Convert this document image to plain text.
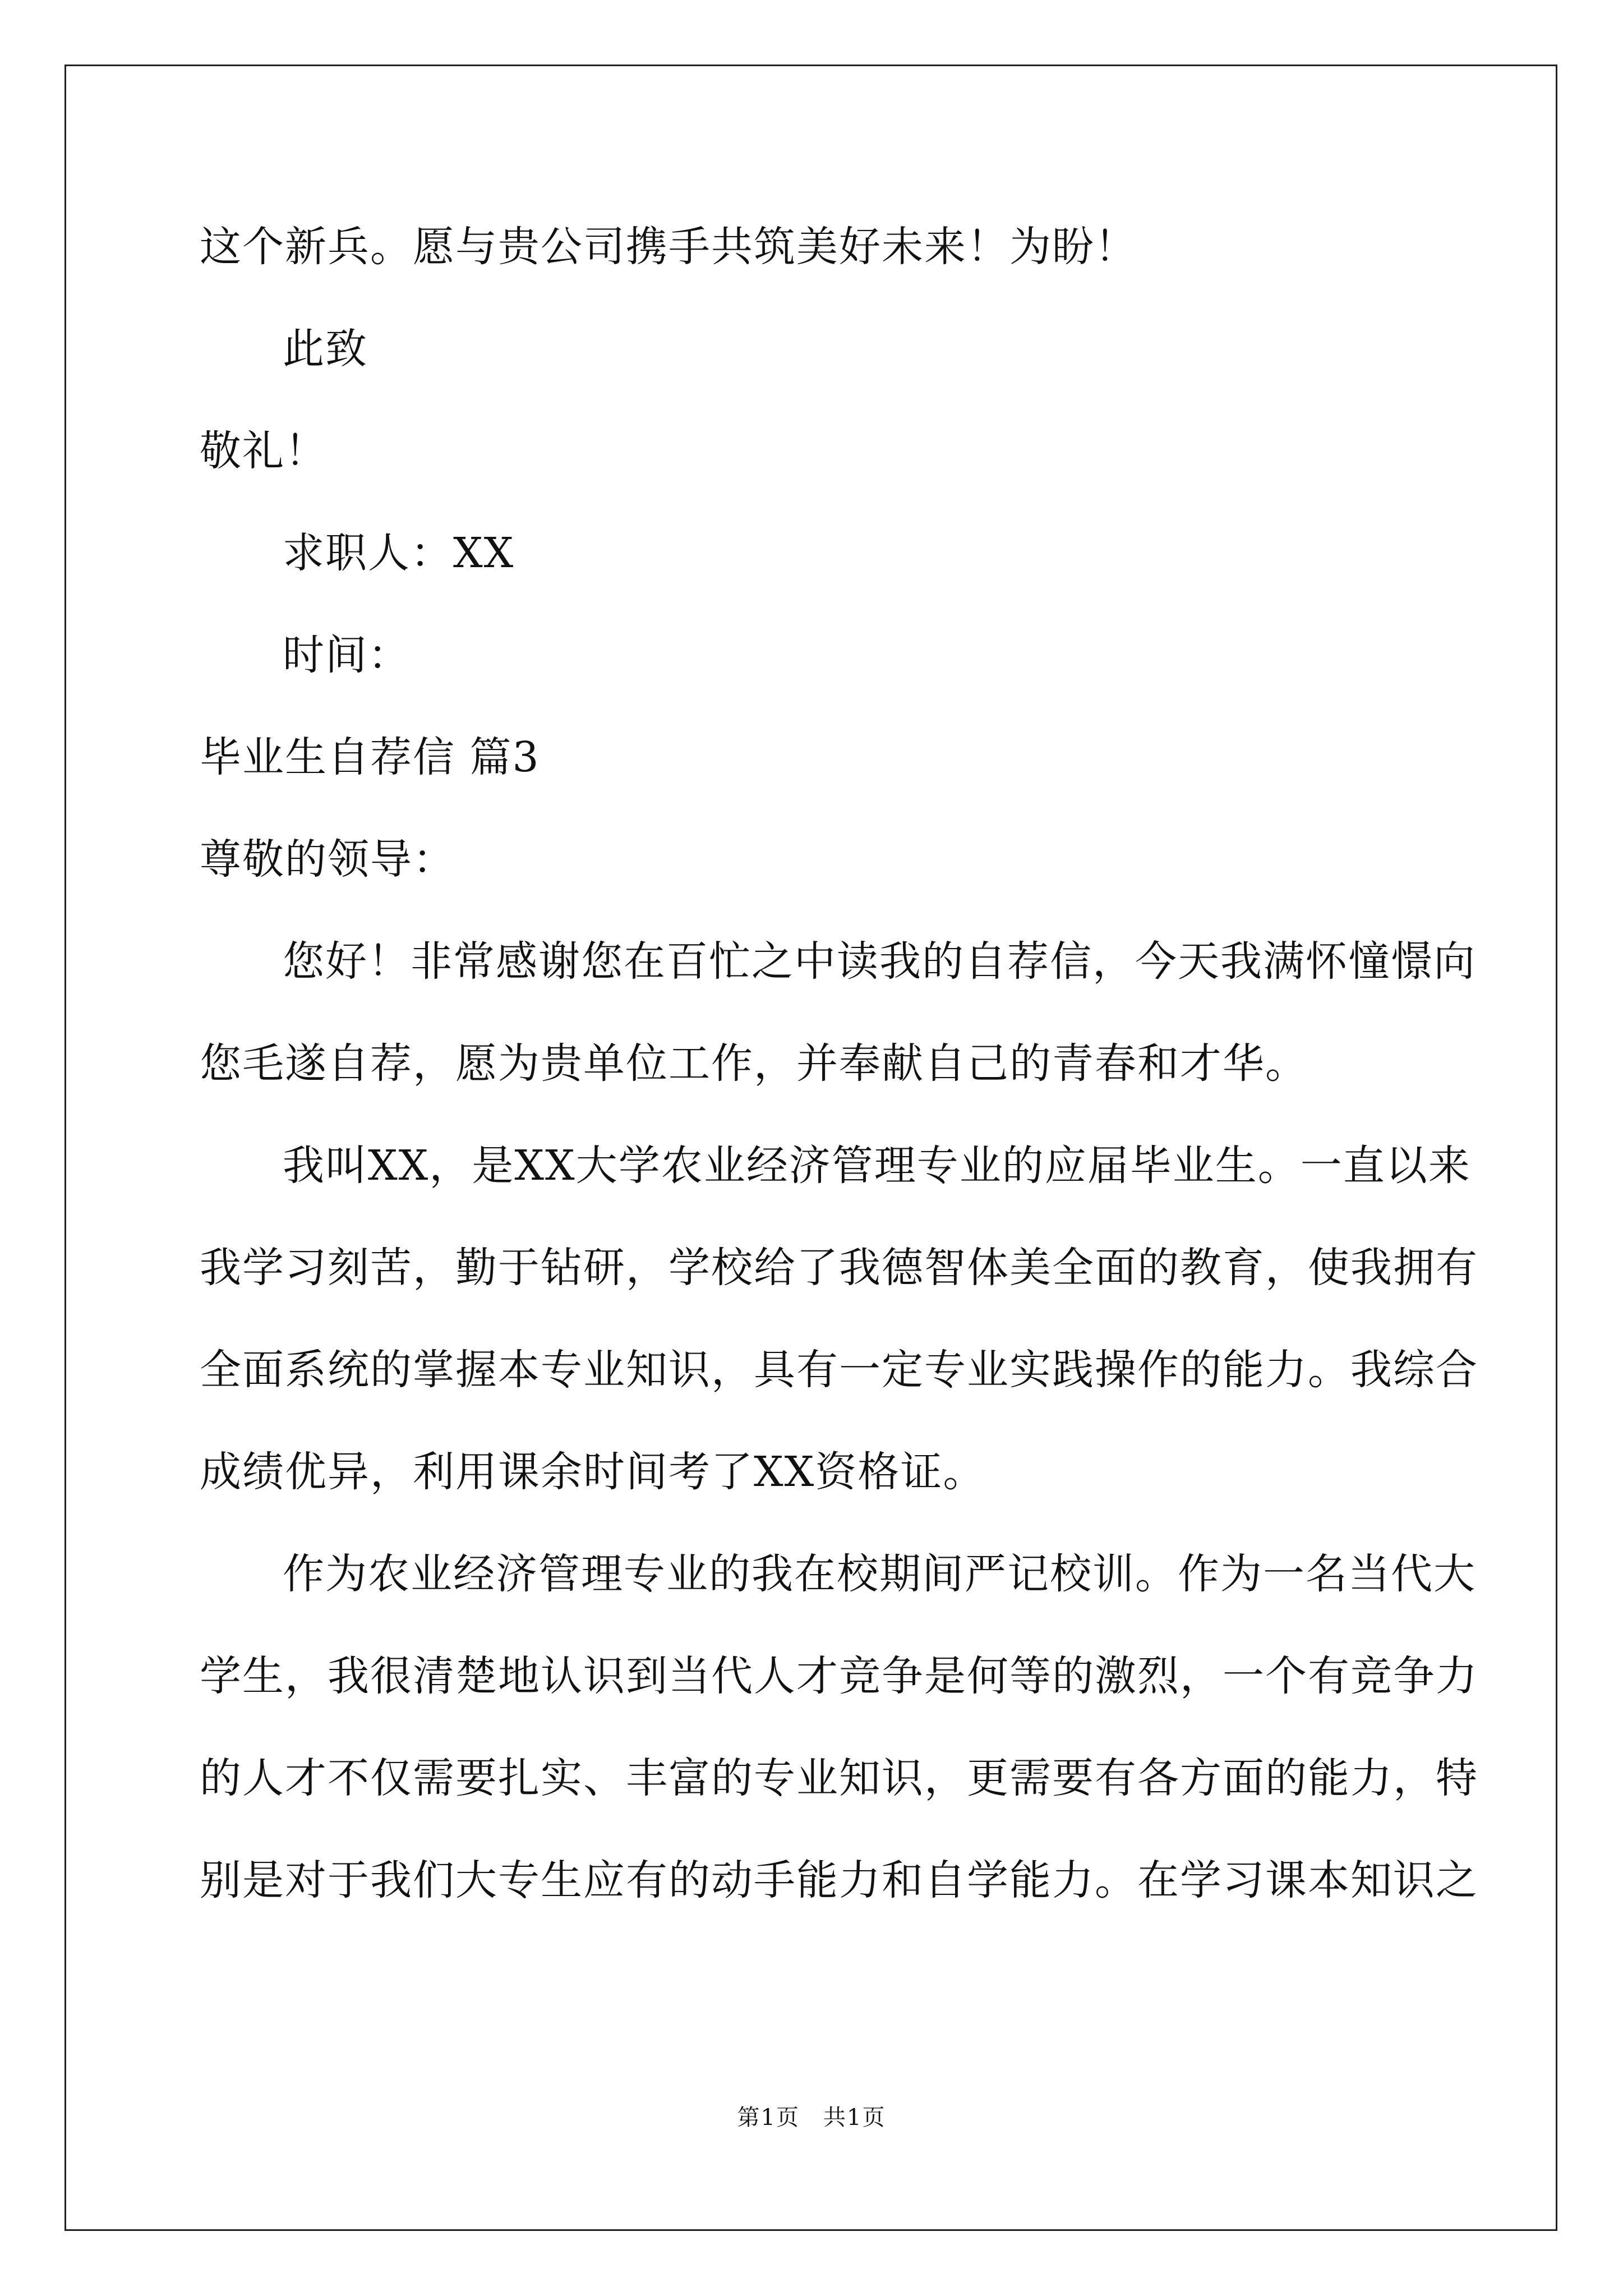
这个新兵。愿与贵公司携手共筑美好未来！为盼！
此致
敬礼！
求职人：XX
时间：
毕业生自荐信 篇3
尊敬的领导：
您好！非常感谢您在百忙之中读我的自荐信，今天我满怀憧憬向
您毛遂自荐，愿为贵单位工作，并奉献自己的青春和才华。
我叫XX，是XX大学农业经济管理专业的应届毕业生。一直以来
我学习刻苦，勤于钻研，学校给了我德智体美全面的教育，使我拥有
全面系统的掌握本专业知识，具有一定专业实践操作的能力。我综合
成绩优异，利用课余时间考了XX资格证。
作为农业经济管理专业的我在校期间严记校训。作为一名当代大
学生，我很清楚地认识到当代人才竞争是何等的激烈，一个有竞争力
的人才不仅需要扎实、丰富的专业知识，更需要有各方面的能力，特
别是对于我们大专生应有的动手能力和自学能力。在学习课本知识之
第1页　共1页
